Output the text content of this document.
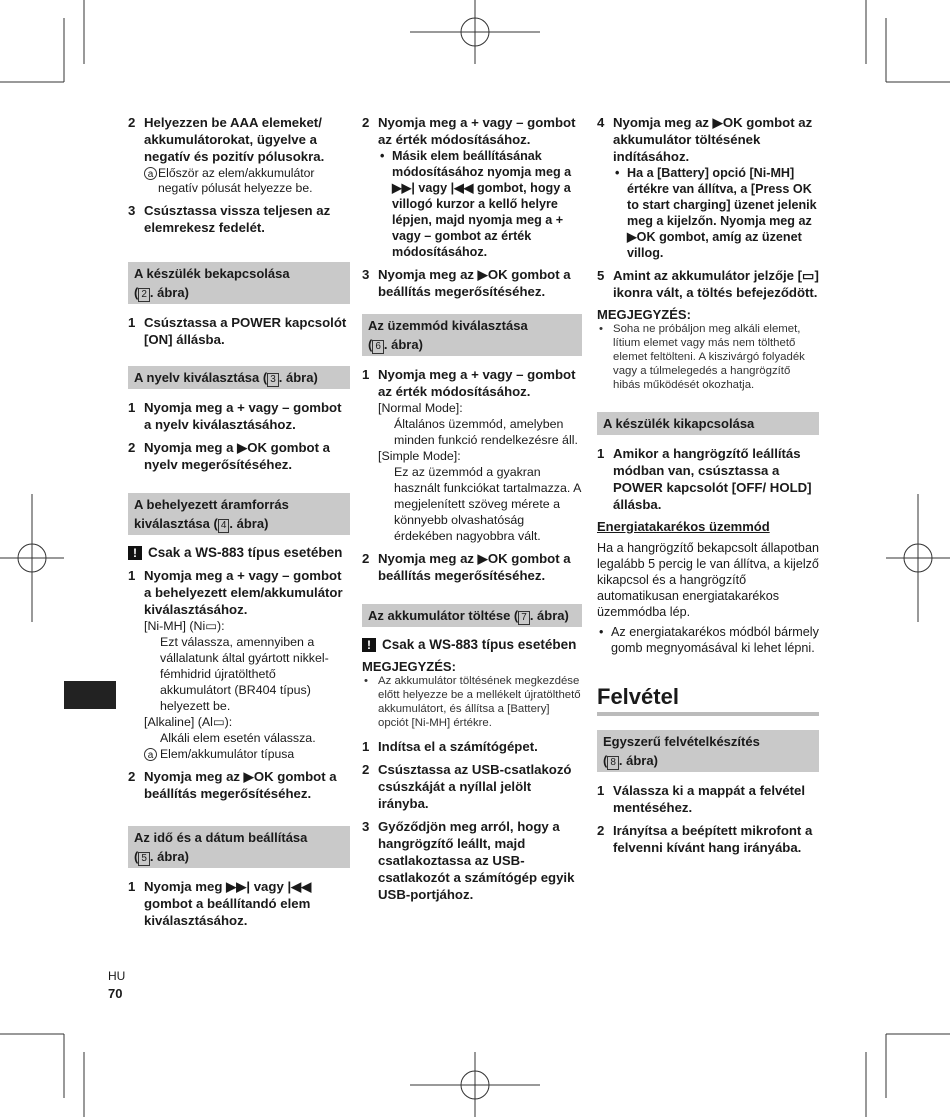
2 Helyezzen be AAA elemeket/ akkumulátorokat, ügyelve a negatív és pozitív pólusokra.
a Először az elem/akkumulátor negatív pólusát helyezze be.
3 Csúsztassa vissza teljesen az elemrekesz fedelét.
A készülék bekapcsolása
( 2 . ábra)
1 Csúsztassa a POWER kapcsolót [ON] állásba.
A nyelv kiválasztása ( 3 . ábra)
1 Nyomja meg a + vagy – gombot a nyelv kiválasztásához.
2 Nyomja meg a ▶OK gombot a nyelv megerősítéséhez.
A behelyezett áramforrás kiválasztása ( 4 . ábra)
! Csak a WS-883 típus esetében
1 Nyomja meg a + vagy – gombot a behelyezett elem/akkumulátor kiválasztásához.
[Ni-MH] (Ni▭):
Ezt válassza, amennyiben a vállalatunk által gyártott nikkel-fémhidrid újratölthető akkumulátort (BR404 típus) helyezett be.
[Alkaline] (Al▭):
Alkáli elem esetén válassza.
a Elem/akkumulátor típusa
2 Nyomja meg az ▶OK gombot a beállítás megerősítéséhez.
Az idő és a dátum beállítása
( 5 . ábra)
1 Nyomja meg ▶▶| vagy |◀◀ gombot a beállítandó elem kiválasztásához.
2 Nyomja meg a + vagy – gombot az érték módosításához.
• Másik elem beállításának módosításához nyomja meg a ▶▶| vagy |◀◀ gombot, hogy a villogó kurzor a kellő helyre lépjen, majd nyomja meg a + vagy – gombot az érték módosításához.
3 Nyomja meg az ▶OK gombot a beállítás megerősítéséhez.
Az üzemmód kiválasztása
( 6 . ábra)
1 Nyomja meg a + vagy – gombot az érték módosításához.
[Normal Mode]:
Általános üzemmód, amelyben minden funkció rendelkezésre áll.
[Simple Mode]:
Ez az üzemmód a gyakran használt funkciókat tartalmazza. A megjelenített szöveg mérete a könnyebb olvashatóság érdekében nagyobbra vált.
2 Nyomja meg az ▶OK gombot a beállítás megerősítéséhez.
Az akkumulátor töltése ( 7 . ábra)
! Csak a WS-883 típus esetében
MEGJEGYZÉS:
• Az akkumulátor töltésének megkezdése előtt helyezze be a mellékelt újratölthető akkumulátort, és állítsa a [Battery] opciót [Ni-MH] értékre.
1 Indítsa el a számítógépet.
2 Csúsztassa az USB-csatlakozó csúszkáját a nyíllal jelölt irányba.
3 Győződjön meg arról, hogy a hangrögzítő leállt, majd csatlakoztassa az USB-csatlakozót a számítógép egyik USB-portjához.
4 Nyomja meg az ▶OK gombot az akkumulátor töltésének indításához.
• Ha a [Battery] opció [Ni-MH] értékre van állítva, a [Press OK to start charging] üzenet jelenik meg a kijelzőn. Nyomja meg az ▶OK gombot, amíg az üzenet villog.
5 Amint az akkumulátor jelzője [▭] ikonra vált, a töltés befejeződött.
MEGJEGYZÉS:
• Soha ne próbáljon meg alkáli elemet, lítium elemet vagy más nem tölthető elemet feltölteni. A kiszivárgó folyadék vagy a túlmelegedés a hangrögzítő hibás működését okozhatja.
A készülék kikapcsolása
1 Amikor a hangrögzítő leállítás módban van, csúsztassa a POWER kapcsolót [OFF/ HOLD] állásba.
Energiatakarékos üzemmód
Ha a hangrögzítő bekapcsolt állapotban legalább 5 percig le van állítva, a kijelző kikapcsol és a hangrögzítő automatikusan energiatakarékos üzemmódba lép.
• Az energiatakarékos módból bármely gomb megnyomásával ki lehet lépni.
Felvétel
Egyszerű felvételkészítés
( 8 . ábra)
1 Válassza ki a mappát a felvétel mentéséhez.
2 Irányítsa a beépített mikrofont a felvenni kívánt hang irányába.
HU
70
